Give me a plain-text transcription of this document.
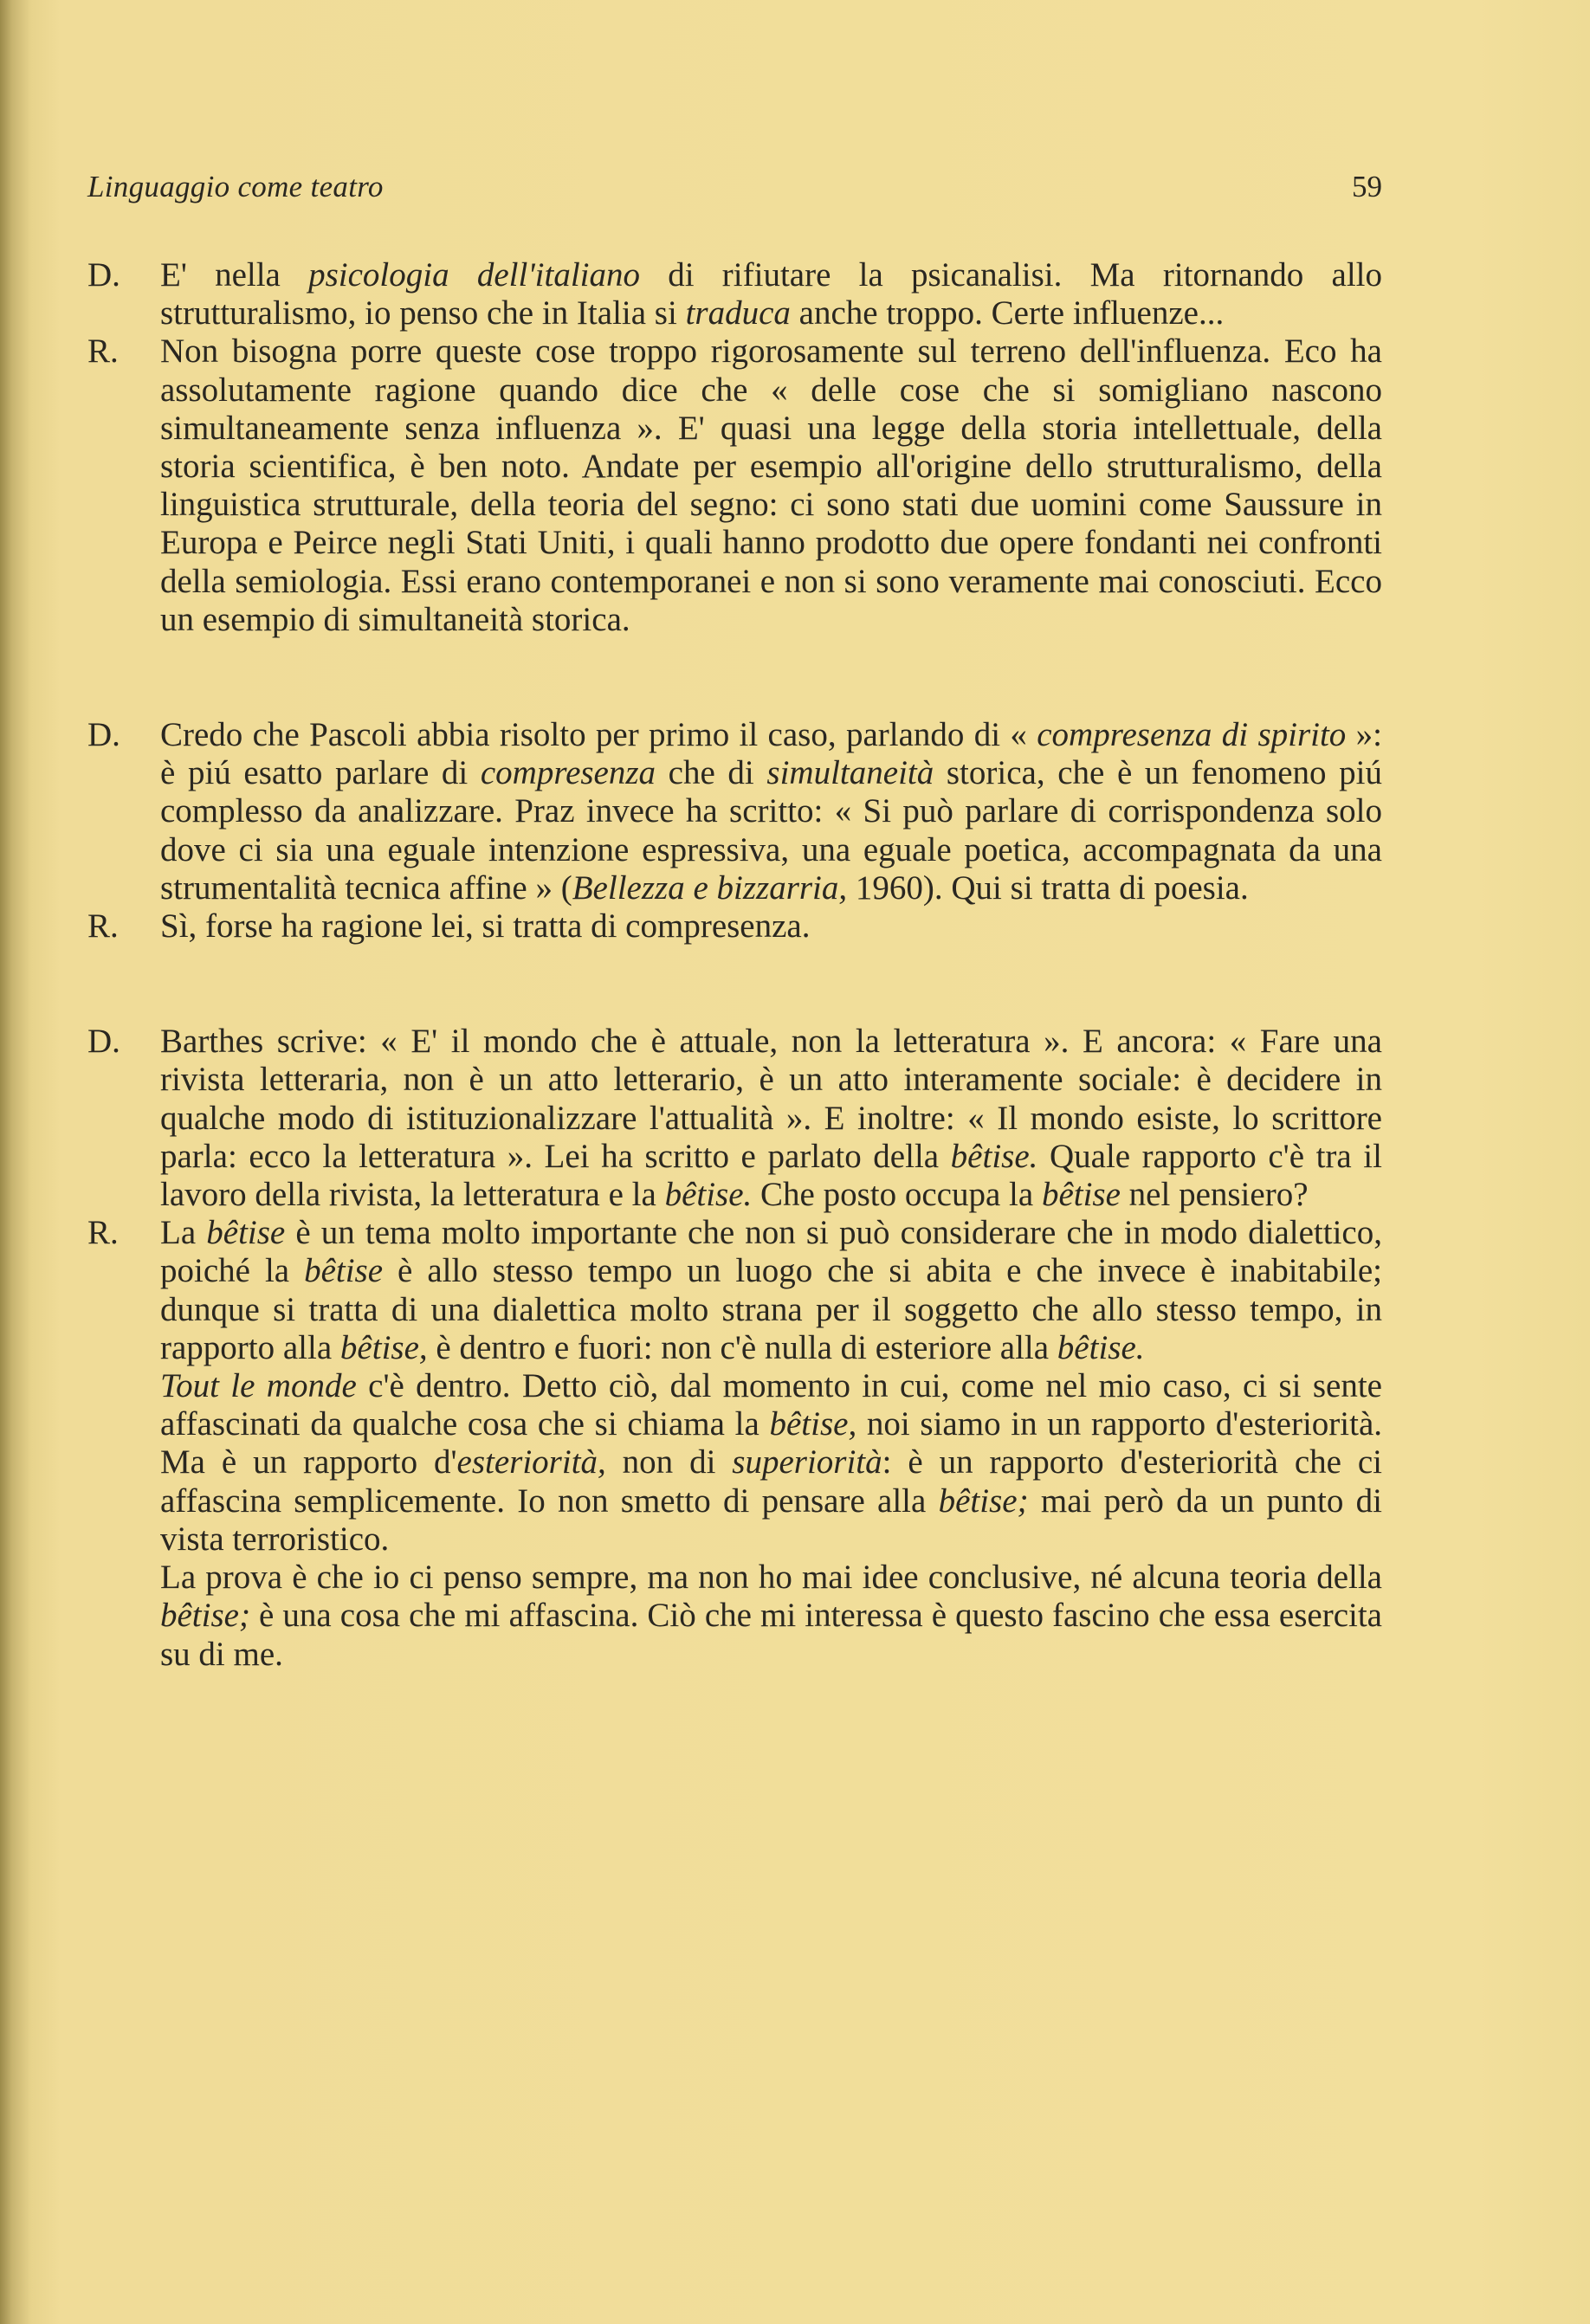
Linguaggio come teatro	59
D.	E' nella psicologia dell'italiano di rifiutare la psicanalisi. Ma ritornando allo strutturalismo, io penso che in Italia si traduca anche troppo. Certe influenze...

R.	Non bisogna porre queste cose troppo rigorosamente sul terreno dell'influenza. Eco ha assolutamente ragione quando dice che « delle cose che si somigliano nascono simultaneamente senza influenza ». E' quasi una legge della storia intellettuale, della storia scientifica, è ben noto. Andate per esempio all'origine dello strutturalismo, della linguistica strutturale, della teoria del segno: ci sono stati due uomini come Saussure in Europa e Peirce negli Stati Uniti, i quali hanno prodotto due opere fondanti nei confronti della semiologia. Essi erano contemporanei e non si sono veramente mai conosciuti. Ecco un esempio di simultaneità storica.

D.	Credo che Pascoli abbia risolto per primo il caso, parlando di « compresenza di spirito »: è piú esatto parlare di compresenza che di simultaneità storica, che è un fenomeno piú complesso da analizzare. Praz invece ha scritto: « Si può parlare di corrispondenza solo dove ci sia una eguale intenzione espressiva, una eguale poetica, accompagnata da una strumentalità tecnica affine » (Bellezza e bizzarria, 1960). Qui si tratta di poesia.

R.	Sì, forse ha ragione lei, si tratta di compresenza.

D.	Barthes scrive: « E' il mondo che è attuale, non la letteratura ». E ancora: « Fare una rivista letteraria, non è un atto letterario, è un atto interamente sociale: è decidere in qualche modo di istituzionalizzare l'attualità ». E inoltre: « Il mondo esiste, lo scrittore parla: ecco la letteratura ». Lei ha scritto e parlato della bêtise. Quale rapporto c'è tra il lavoro della rivista, la letteratura e la bêtise. Che posto occupa la bêtise nel pensiero?

R.	La bêtise è un tema molto importante che non si può considerare che in modo dialettico, poiché la bêtise è allo stesso tempo un luogo che si abita e che invece è inabitabile; dunque si tratta di una dialettica molto strana per il soggetto che allo stesso tempo, in rapporto alla bêtise, è dentro e fuori: non c'è nulla di esteriore alla bêtise.

Tout le monde c'è dentro. Detto ciò, dal momento in cui, come nel mio caso, ci si sente affascinati da qualche cosa che si chiama la bêtise, noi siamo in un rapporto d'esteriorità. Ma è un rapporto d'esteriorità, non di superiorità: è un rapporto d'esteriorità che ci affascina semplicemente. Io non smetto di pensare alla bêtise; mai però da un punto di vista terroristico.

La prova è che io ci penso sempre, ma non ho mai idee conclusive, né alcuna teoria della bêtise; è una cosa che mi affascina. Ciò che mi interessa è questo fascino che essa esercita su di me.
